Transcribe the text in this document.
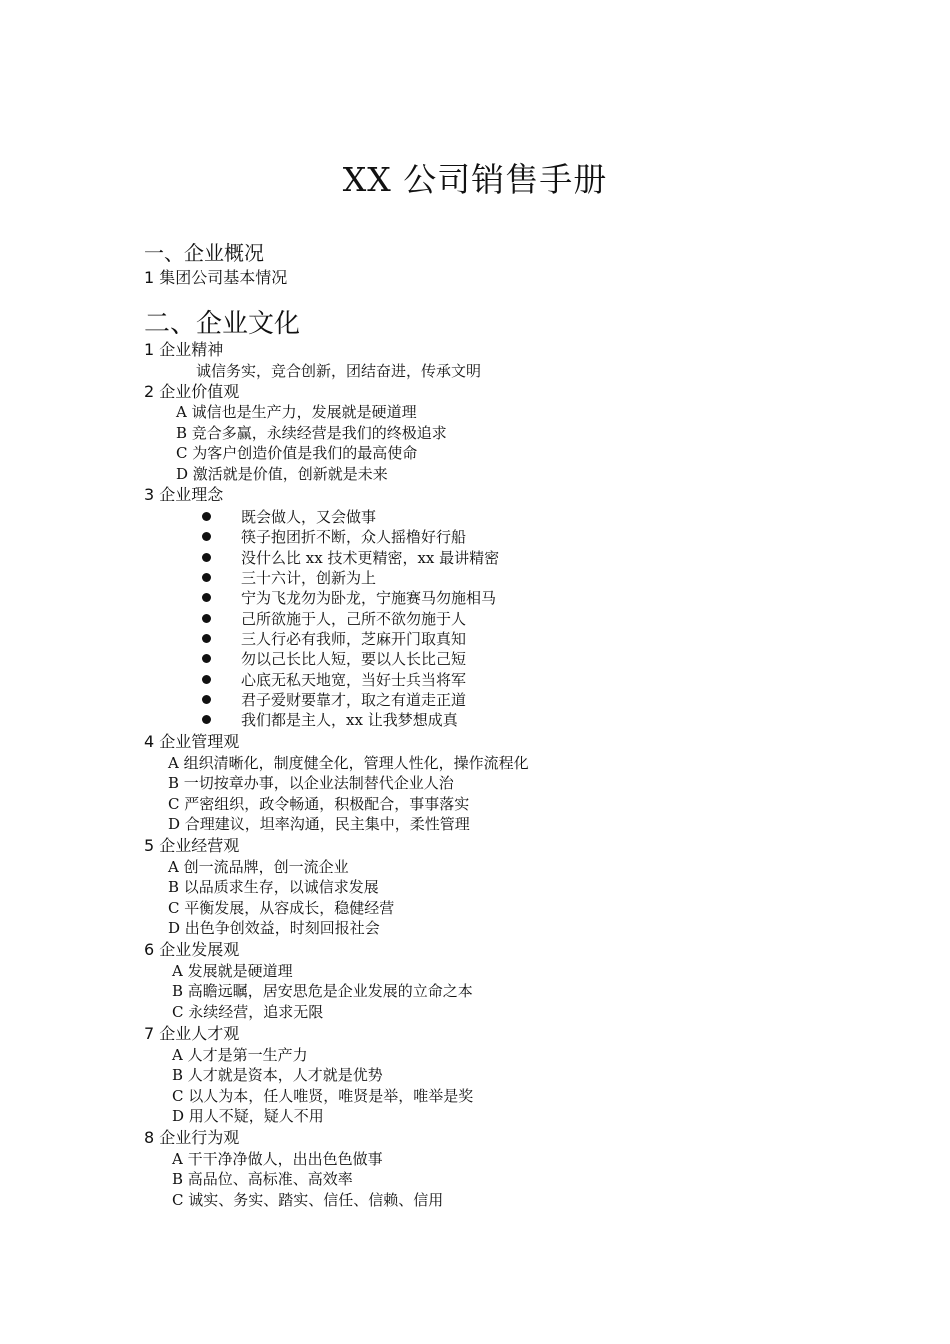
XX 公司销售手册
一、企业概况
1 集团公司基本情况
二、企业文化
1 企业精神
诚信务实，竞合创新，团结奋进，传承文明
2 企业价值观
A 诚信也是生产力，发展就是硬道理
B 竞合多赢，永续经营是我们的终极追求
C 为客户创造价值是我们的最高使命
D 激活就是价值，创新就是未来
3 企业理念
既会做人，又会做事
筷子抱团折不断，众人摇橹好行船
没什么比 xx 技术更精密，xx 最讲精密
三十六计，创新为上
宁为飞龙勿为卧龙，宁施赛马勿施相马
己所欲施于人，己所不欲勿施于人
三人行必有我师，芝麻开门取真知
勿以己长比人短，要以人长比己短
心底无私天地宽，当好士兵当将军
君子爱财要靠才，取之有道走正道
我们都是主人，xx 让我梦想成真
4 企业管理观
A 组织清晰化，制度健全化，管理人性化，操作流程化
B 一切按章办事，以企业法制替代企业人治
C 严密组织，政令畅通，积极配合，事事落实
D 合理建议，坦率沟通，民主集中，柔性管理
5 企业经营观
A 创一流品牌，创一流企业
B 以品质求生存，以诚信求发展
C 平衡发展，从容成长，稳健经营
D 出色争创效益，时刻回报社会
6 企业发展观
A 发展就是硬道理
B 高瞻远瞩，居安思危是企业发展的立命之本
C 永续经营，追求无限
7 企业人才观
A 人才是第一生产力
B 人才就是资本，人才就是优势
C 以人为本，任人唯贤，唯贤是举，唯举是奖
D 用人不疑，疑人不用
8 企业行为观
A 干干净净做人，出出色色做事
B 高品位、高标准、高效率
C 诚实、务实、踏实、信任、信赖、信用
